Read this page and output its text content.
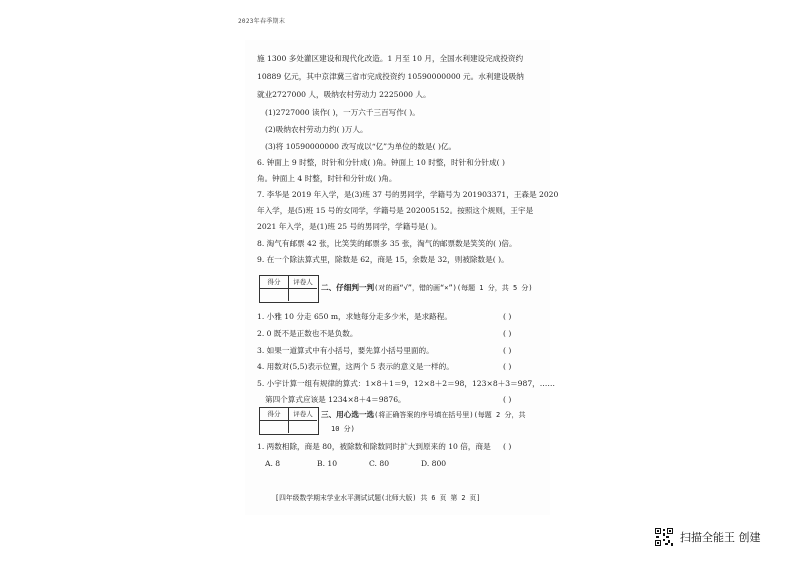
2023年春季期末
施 1300 多处灌区建设和现代化改造。1 月至 10 月，全国水利建设完成投资约
10889 亿元，其中京津冀三省市完成投资约 10590000000 元。水利建设吸纳
就业2727000 人，吸纳农村劳动力 2225000 人。
(1)2727000 读作( )，一万六千三百写作( )。
(2)吸纳农村劳动力约( )万人。
(3)将 10590000000 改写成以“亿”为单位的数是( )亿。
6. 钟面上 9 时整，时针和分针成( )角。钟面上 10 时整，时针和分针成( )
角。钟面上 4 时整，时针和分针成( )角。
7. 李华是 2019 年入学，是(3)班 37 号的男同学，学籍号为 201903371，王森是 2020
年入学，是(5)班 15 号的女同学，学籍号是 202005152。按照这个规则，王宇是
2021 年入学，是(1)班 25 号的男同学，学籍号是( )。
8. 淘气有邮票 42 张，比笑笑的邮票多 35 张，淘气的邮票数是笑笑的( )倍。
9. 在一个除法算式里，除数是 62，商是 15，余数是 32，则被除数是( )。
得分	评卷人
二、仔细判一判(对的画“√”，错的画“×”)(每题 1 分，共 5 分)
1. 小雅 10 分走 650 m，求她每分走多少米，是求路程。	( )
2. 0 既不是正数也不是负数。	( )
3. 如果一道算式中有小括号，要先算小括号里面的。	( )
4. 用数对(5,5)表示位置，这两个 5 表示的意义是一样的。	( )
5. 小宇计算一组有规律的算式：1×8＋1＝9，12×8＋2＝98，123×8＋3＝987，……
第四个算式应该是 1234×8＋4＝9876。	( )
得分	评卷人	三、用心选一选(将正确答案的序号填在括号里)(每题 2 分，共
10 分)
1. 两数相除，商是 80，被除数和除数同时扩大到原来的 10 倍，商是 ( )
A. 8	B. 10	C. 80	D. 800
[四年级数学期末学业水平测试试题(北师大版) 共 6 页 第 2 页]
扫描全能王 创建
